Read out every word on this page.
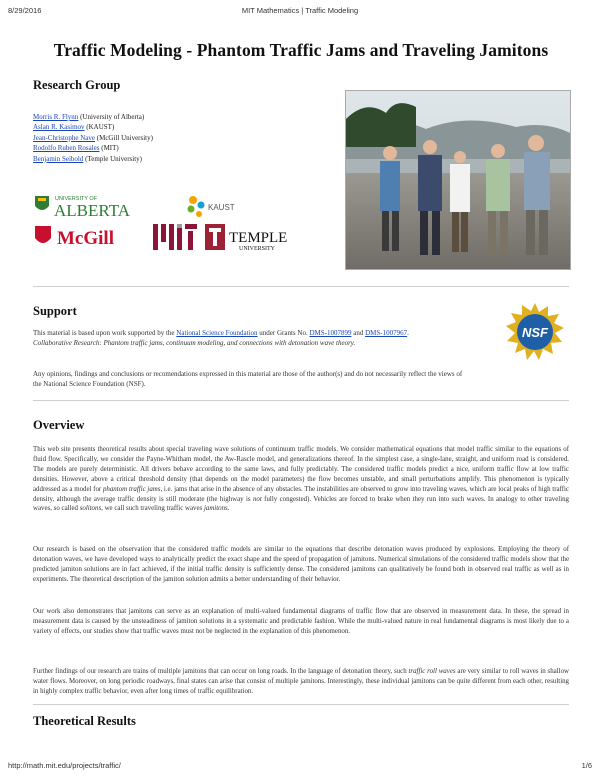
8/29/2016	MIT Mathematics | Traffic Modeling
Traffic Modeling - Phantom Traffic Jams and Traveling Jamitons
Research Group
Morris R. Flynn (University of Alberta)
Aslan R. Kasimov (KAUST)
Jean-Christophe Nave (McGill University)
Rodolfo Ruben Rosales (MIT)
Benjamin Seibold (Temple University)
UNIVERSITY OF
ALBERTA	KAUST
McGill	TEMPLE
UNIVERSITY
Support
This material is based upon work supported by the National Science Foundation under Grants No. DMS-1007899 and DMS-1007967.
Collaborative Research: Phantom traffic jams, continuum modeling, and connections with detonation wave theory.
Any opinions, findings and conclusions or recomendations expressed in this material are those of the author(s) and do not necessarily reflect the views of the National Science Foundation (NSF).
NSF
Overview

This web site presents theoretical results about special traveling wave solutions of continuum traffic models. We consider mathematical equations that model traffic similar to the equations of fluid flow. Specifically, we consider the Payne-Whitham model, the Aw-Rascle model, and generalizations thereof. In the simplest case, a single-lane, straight, and uniform road is considered. The models are purely deterministic. All drivers behave according to the same laws, and fully predictably. The considered traffic models predict a nice, uniform traffic flow at low traffic densities. However, above a critical threshold density (that depends on the model parameters) the flow becomes unstable, and small perturbations amplify. This phenomenon is typically addressed as a model for phantom traffic jams, i.e. jams that arise in the absence of any obstacles. The instabilities are observed to grow into traveling waves, which are local peaks of high traffic density, although the average traffic density is still moderate (the highway is not fully congested). Vehicles are forced to brake when they run into such waves. In analogy to other traveling waves, so called solitons, we call such traveling traffic waves jamitons.

Our research is based on the observation that the considered traffic models are similar to the equations that describe detonation waves produced by explosions. Employing the theory of detonation waves, we have developed ways to analytically predict the exact shape and the speed of propagation of jamitons. Numerical simulations of the considered traffic models show that the predicted jamiton solutions are in fact achieved, if the initial traffic density is sufficiently dense. The considered jamitons can qualitatively be found both in observed real traffic as well as in experiments. The theoretical description of the jamiton solution admits a better understanding of their behavior.

Our work also demonstrates that jamitons can serve as an explanation of multi-valued fundamental diagrams of traffic flow that are observed in measurement data. In these, the spread in measurement data is caused by the unsteadiness of jamiton solutions in a systematic and predictable fashion. While the multi-valued nature in real fundamental diagrams is most likely due to a variety of effects, our studies show that traffic waves must not be neglected in the explanation of this phenomenon.

Further findings of our research are trains of multiple jamitons that can occur on long roads. In the language of detonation theory, such traffic roll waves are very similar to roll waves in shallow water flows. Moreover, on long periodic roadways, final states can arise that consist of multiple jamitons. Interestingly, these individual jamitons can be quite different from each other, resulting in highly complex traffic behavior, even after long times of traffic equilibration.

Theoretical Results
http://math.mit.edu/projects/traffic/	1/6
